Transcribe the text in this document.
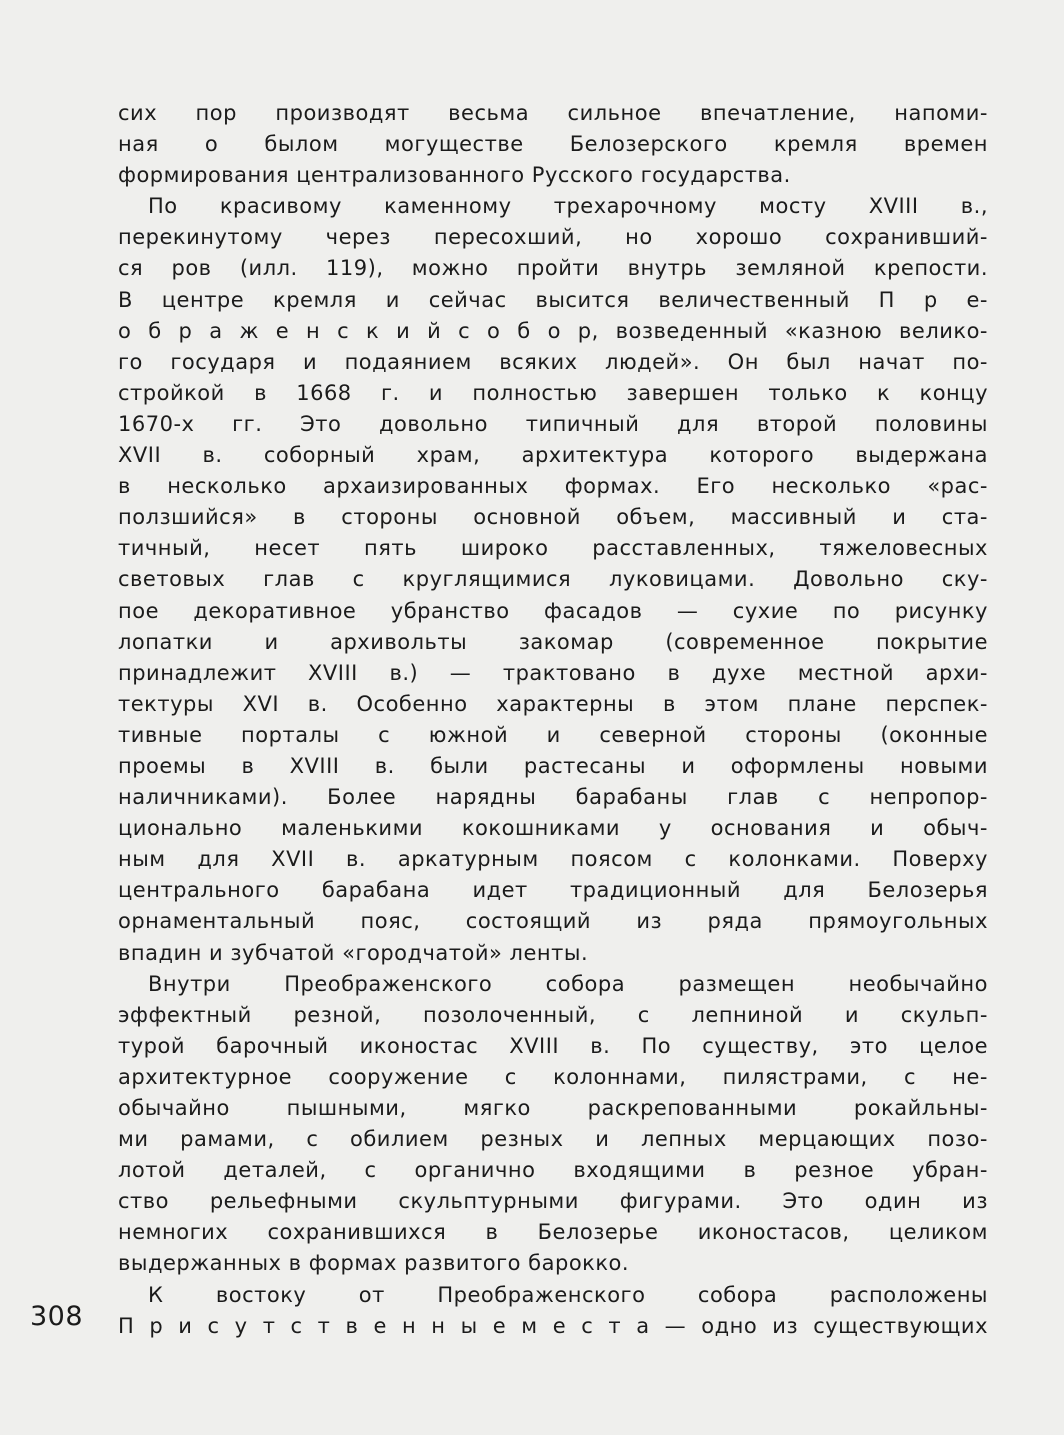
сих пор производят весьма сильное впечатление, напоми-
ная о былом могуществе Белозерского кремля времен
формирования централизованного Русского государства.
По красивому каменному трехарочному мосту XVIII в.,
перекинутому через пересохший, но хорошо сохранивший-
ся ров (илл. 119), можно пройти внутрь земляной крепости.
В центре кремля и сейчас высится величественный П р е-
о б р а ж е н с к и й с о б о р, возведенный «казною велико-
го государя и подаянием всяких людей». Он был начат по-
стройкой в 1668 г. и полностью завершен только к концу
1670-х гг. Это довольно типичный для второй половины
XVII в. соборный храм, архитектура которого выдержана
в несколько архаизированных формах. Его несколько «рас-
ползшийся» в стороны основной объем, массивный и ста-
тичный, несет пять широко расставленных, тяжеловесных
световых глав с круглящимися луковицами. Довольно ску-
пое декоративное убранство фасадов — сухие по рисунку
лопатки и архивольты закомар (современное покрытие
принадлежит XVIII в.) — трактовано в духе местной архи-
тектуры XVI в. Особенно характерны в этом плане перспек-
тивные порталы с южной и северной стороны (оконные
проемы в XVIII в. были растесаны и оформлены новыми
наличниками). Более нарядны барабаны глав с непропор-
ционально маленькими кокошниками у основания и обыч-
ным для XVII в. аркатурным поясом с колонками. Поверху
центрального барабана идет традиционный для Белозерья
орнаментальный пояс, состоящий из ряда прямоугольных
впадин и зубчатой «городчатой» ленты.
Внутри Преображенского собора размещен необычайно
эффектный резной, позолоченный, с лепниной и скульп-
турой барочный иконостас XVIII в. По существу, это целое
архитектурное сооружение с колоннами, пилястрами, с не-
обычайно пышными, мягко раскрепованными рокайльны-
ми рамами, с обилием резных и лепных мерцающих позо-
лотой деталей, с органично входящими в резное убран-
ство рельефными скульптурными фигурами. Это один из
немногих сохранившихся в Белозерье иконостасов, целиком
выдержанных в формах развитого барокко.
К востоку от Преображенского собора расположены
П р и с у т с т в е н н ы е м е с т а — одно из существующих
308
